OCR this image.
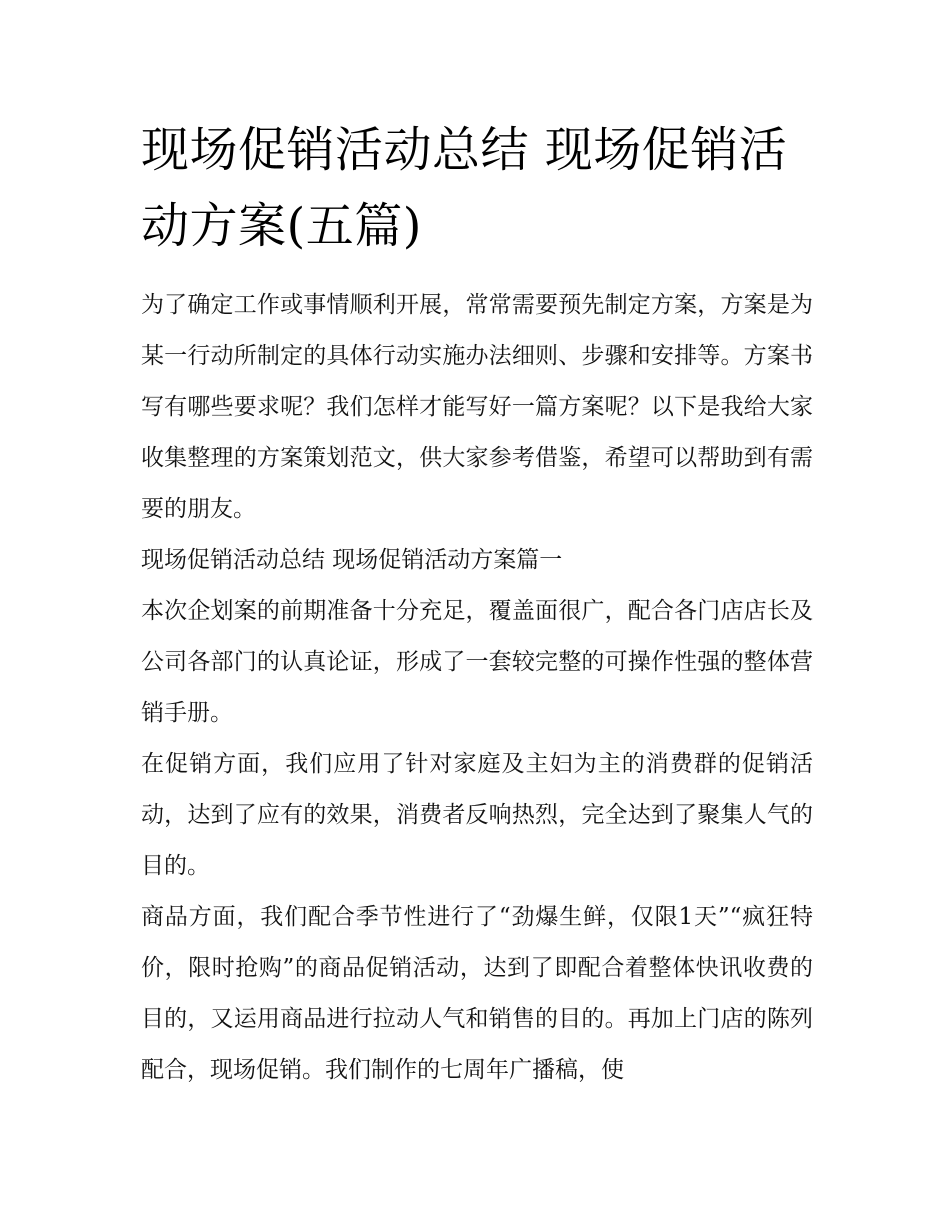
现场促销活动总结 现场促销活动方案(五篇)

为了确定工作或事情顺利开展，常常需要预先制定方案，方案是为某一行动所制定的具体行动实施办法细则、步骤和安排等。方案书写有哪些要求呢？我们怎样才能写好一篇方案呢？以下是我给大家收集整理的方案策划范文，供大家参考借鉴，希望可以帮助到有需要的朋友。

现场促销活动总结 现场促销活动方案篇一

本次企划案的前期准备十分充足，覆盖面很广，配合各门店店长及公司各部门的认真论证，形成了一套较完整的可操作性强的整体营销手册。

在促销方面，我们应用了针对家庭及主妇为主的消费群的促销活动，达到了应有的效果，消费者反响热烈，完全达到了聚集人气的目的。

商品方面，我们配合季节性进行了“劲爆生鲜，仅限1天”“疯狂特价，限时抢购”的商品促销活动，达到了即配合着整体快讯收费的目的，又运用商品进行拉动人气和销售的目的。再加上门店的陈列配合，现场促销。我们制作的七周年广播稿，使
